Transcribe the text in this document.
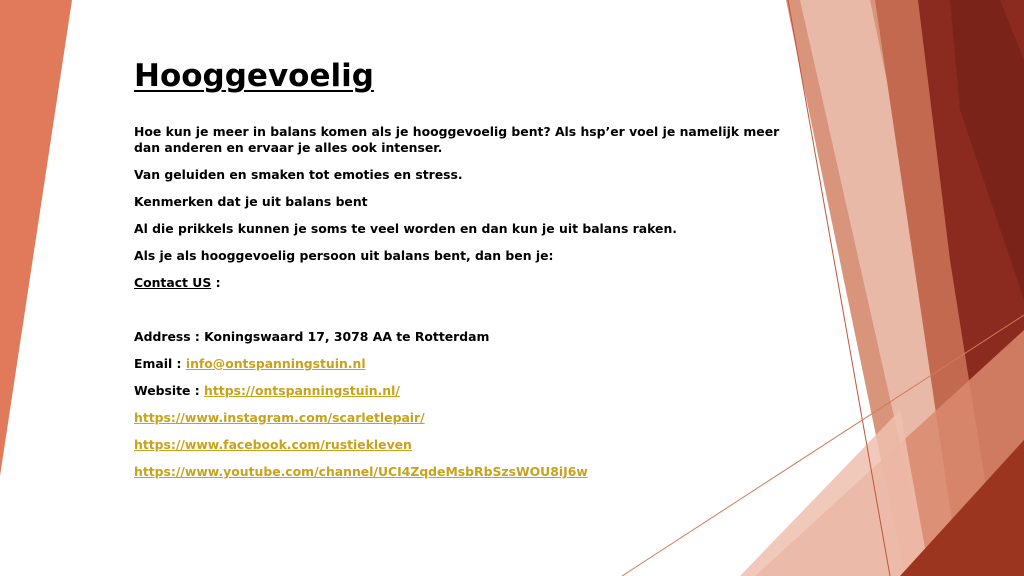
Hooggevoelig

Hoe kun je meer in balans komen als je hooggevoelig bent? Als hsp’er voel je namelijk meer dan anderen en ervaar je alles ook intenser.

Van geluiden en smaken tot emoties en stress.

Kenmerken dat je uit balans bent

Al die prikkels kunnen je soms te veel worden en dan kun je uit balans raken.

Als je als hooggevoelig persoon uit balans bent, dan ben je:

Contact US :

Address : Koningswaard 17, 3078 AA te Rotterdam

Email : info@ontspanningstuin.nl

Website : https://ontspanningstuin.nl/

https://www.instagram.com/scarletlepair/

https://www.facebook.com/rustiekleven

https://www.youtube.com/channel/UCI4ZqdeMsbRbSzsWOU8iJ6w
